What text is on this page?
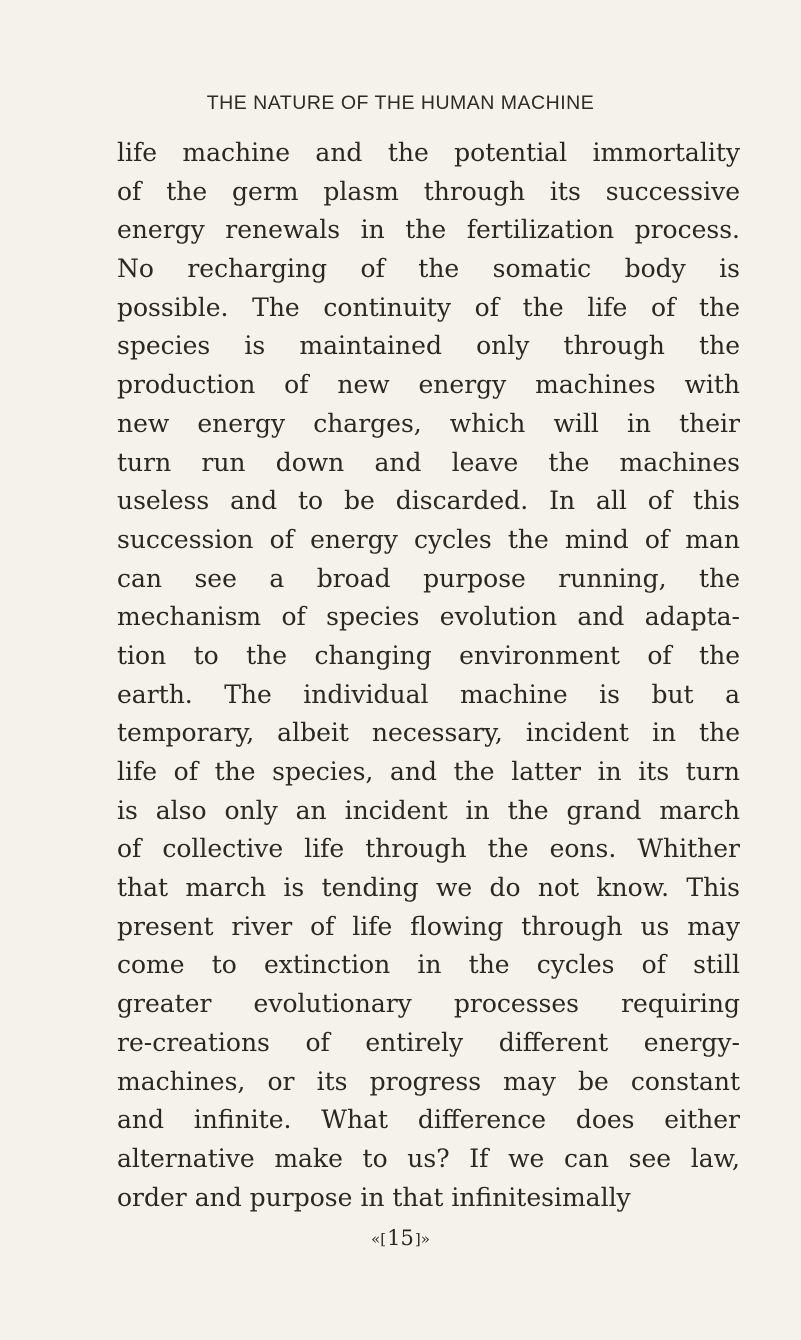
THE NATURE OF THE HUMAN MACHINE
life machine and the potential immortality
of the germ plasm through its successive
energy renewals in the fertilization process.
No recharging of the somatic body is
possible. The continuity of the life of the
species is maintained only through the
production of new energy machines with
new energy charges, which will in their
turn run down and leave the machines
useless and to be discarded. In all of this
succession of energy cycles the mind of man
can see a broad purpose running, the
mechanism of species evolution and adapta-
tion to the changing environment of the
earth. The individual machine is but a
temporary, albeit necessary, incident in the
life of the species, and the latter in its turn
is also only an incident in the grand march
of collective life through the eons. Whither
that march is tending we do not know. This
present river of life flowing through us may
come to extinction in the cycles of still
greater evolutionary processes requiring
re-creations of entirely different energy-
machines, or its progress may be constant
and infinite. What difference does either
alternative make to us? If we can see law,
order and purpose in that infinitesimally
«[15]»
